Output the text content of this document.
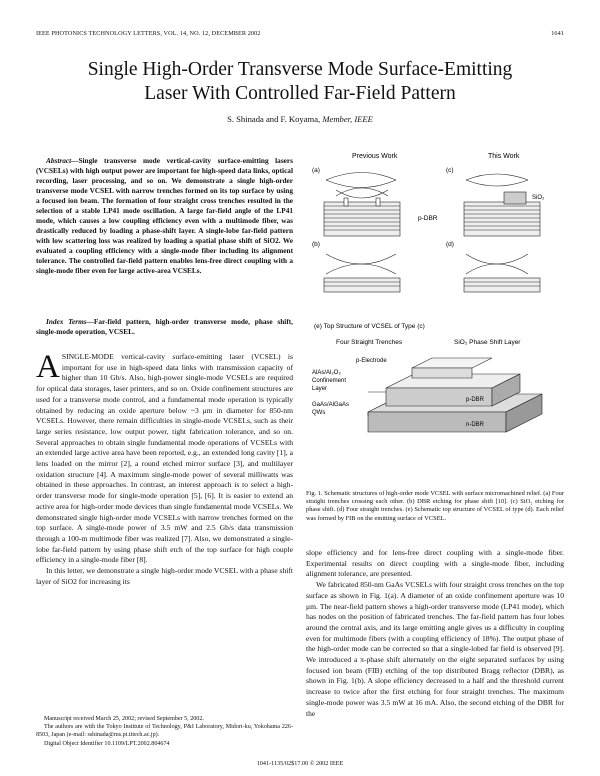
IEEE PHOTONICS TECHNOLOGY LETTERS, VOL. 14, NO. 12, DECEMBER 2002	1641
Single High-Order Transverse Mode Surface-Emitting
Laser With Controlled Far-Field Pattern
S. Shinada and F. Koyama, Member, IEEE
Abstract—Single transverse mode vertical-cavity surface-emitting lasers (VCSELs) with high output power are important for high-speed data links, optical recording, laser processing, and so on. We demonstrate a single high-order transverse mode VCSEL with narrow trenches formed on its top surface by using a focused ion beam. The formation of four straight cross trenches resulted in the selection of a stable LP41 mode oscillation. A large far-field angle of the LP41 mode, which causes a low coupling efficiency even with a multimode fiber, was drastically reduced by loading a phase-shift layer. A single-lobe far-field pattern with low scattering loss was realized by loading a spatial phase shift of SiO2. We evaluated a coupling efficiency with a single-mode fiber including its alignment tolerance. The controlled far-field pattern enables lens-free direct coupling with a single-mode fiber even for large active-area VCSELs.
Index Terms—Far-field pattern, high-order transverse mode, phase shift, single-mode operation, VCSEL.

ASINGLE-MODE vertical-cavity surface-emitting laser (VCSEL) is important for use in high-speed data links with transmission capacity of higher than 10 Gb/s. Also, high-power single-mode VCSELs are required for optical data storages, laser printers, and so on. Oxide confinement structures are used for a transverse mode control, and a fundamental mode operation is typically obtained by reducing an oxide aperture below ~3 μm in diameter for 850-nm VCSELs. However, there remain difficulties in single-mode VCSELs, such as their large series resistance, low output power, tight fabrication tolerance, and so on. Several approaches to obtain single fundamental mode operations of VCSELs with an extended large active area have been reported, e.g., an extended long cavity [1], a lens loaded on the mirror [2], a round etched mirror surface [3], and multilayer oxidation structure [4]. A maximum single-mode power of several milliwatts was obtained in these approaches. In contrast, an interest approach is to select a high-order transverse mode for single-mode operation [5], [6]. It is easier to extend an active area for high-order mode devices than single fundamental mode VCSELs. We demonstrated single high-order mode VCSELs with narrow trenches formed on the top surface. A single-mode power of 3.5 mW and 2.5 Gb/s data transmission through a 100-m multimode fiber was realized [7]. Also, we demonstrated a single-lobe far-field pattern by using phase shift etch of the top surface for high couple efficiency in a single-mode fiber [8].

In this letter, we demonstrate a single high-order mode VCSEL with a phase shift layer of SiO2 for increasing its

Manuscript received March 25, 2002; revised September 5, 2002.

The authors are with the Tokyo Institute of Technology, P&I Laboratory, Midori-ku, Yokohama 226-8503, Japan (e-mail: sshinada@ms.pi.titech.ac.jp).

Digital Object Identifier 10.1109/LPT.2002.804674

Previous Work	This Work
(a)	(c)
(b)	(d)
SiO₂
p-DBR
(e) Top Structure of VCSEL of Type (c)
Four Straight Trenches	SiO₂ Phase Shift Layer
p-Electrode
AlAs/Al₂O₃
Confinement
Layer
GaAs/AlGaAs
QWs
p-DBR
n-DBR
Fig. 1. Schematic structures of high-order mode VCSEL with surface micromachined relief. (a) Four straight trenches crossing each other. (b) DBR etching for phase shift [10]. (c) SiO₂ etching for phase shift. (d) Four straight trenches. (e) Schematic top structure of VCSEL of type (d). Each relief was formed by FIB on the emitting surface of VCSEL.

slope efficiency and for lens-free direct coupling with a single-mode fiber. Experimental results on direct coupling with a single-mode fiber, including alignment tolerance, are presented.

We fabricated 850-nm GaAs VCSELs with four straight cross trenches on the top surface as shown in Fig. 1(a). A diameter of an oxide confinement aperture was 10 μm. The near-field pattern shows a high-order transverse mode (LP41 mode), which has nodes on the position of fabricated trenches. The far-field pattern has four lobes around the central axis, and its large emitting angle gives us a difficulty in coupling even for multimode fibers (with a coupling efficiency of 18%). The output phase of the high-order mode can be corrected so that a single-lobed far field is observed [9]. We introduced a π-phase shift alternately on the eight separated surfaces by using focused ion beam (FIB) etching of the top distributed Bragg reflector (DBR), as shown in Fig. 1(b). A slope efficiency decreased to a half and the threshold current increase to twice after the first etching for four straight trenches. The maximum single-mode power was 3.5 mW at 16 mA. Also, the second etching of the DBR for the

1041-1135/02$17.00 © 2002 IEEE
